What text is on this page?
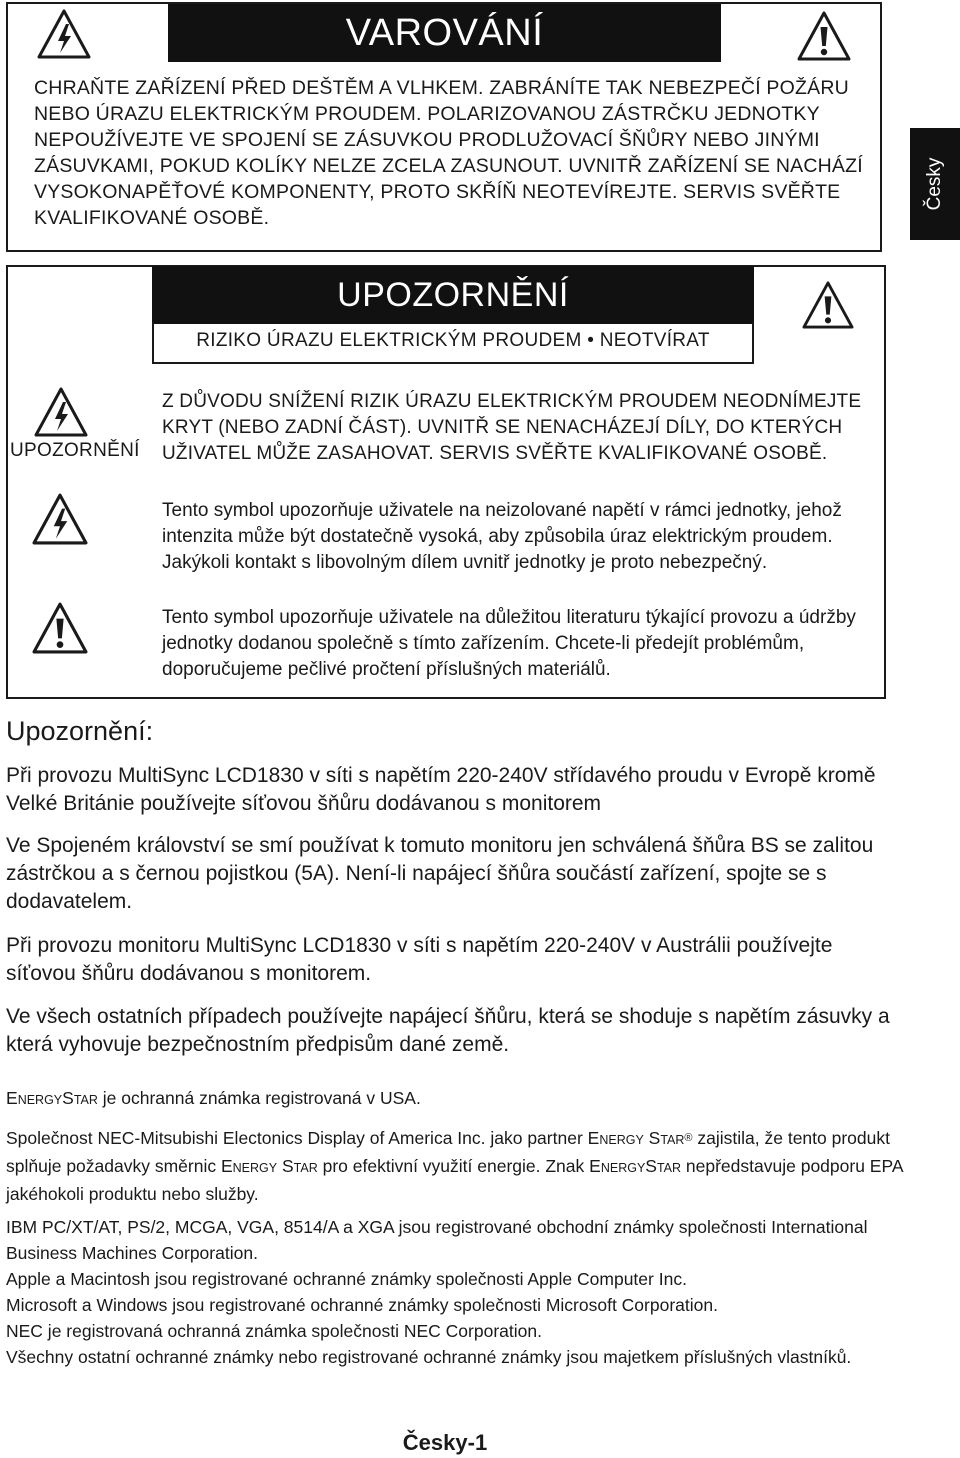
VAROVÁNÍ
CHRAŇTE ZAŘÍZENÍ PŘED DEŠTĚM A VLHKEM. ZABRÁNÍTE TAK NEBEZPEČÍ POŽÁRU NEBO ÚRAZU ELEKTRICKÝM PROUDEM. POLARIZOVANOU ZÁSTRČKU JEDNOTKY NEPOUŽÍVEJTE VE SPOJENÍ SE ZÁSUVKOU PRODLUŽOVACÍ ŠŇŮRY NEBO JINÝMI ZÁSUVKAMI, POKUD KOLÍKY NELZE ZCELA ZASUNOUT. UVNITŘ ZAŘÍZENÍ SE NACHÁZÍ VYSOKONAPĚŤOVÉ KOMPONENTY, PROTO SKŘÍŇ NEOTEVÍREJTE. SERVIS SVĚŘTE KVALIFIKOVANÉ OSOBĚ.
Česky
UPOZORNĚNÍ
RIZIKO ÚRAZU ELEKTRICKÝM PROUDEM • NEOTVÍRAT
UPOZORNĚNÍ
Z DŮVODU SNÍŽENÍ RIZIK ÚRAZU ELEKTRICKÝM PROUDEM NEODNÍMEJTE KRYT (NEBO ZADNÍ ČÁST). UVNITŘ SE NENACHÁZEJÍ DÍLY, DO KTERÝCH UŽIVATEL MŮŽE ZASAHOVAT. SERVIS SVĚŘTE KVALIFIKOVANÉ OSOBĚ.
Tento symbol upozorňuje uživatele na neizolované napětí v rámci jednotky, jehož intenzita může být dostatečně vysoká, aby způsobila úraz elektrickým proudem. Jakýkoli kontakt s libovolným dílem uvnitř jednotky je proto nebezpečný.
Tento symbol upozorňuje uživatele na důležitou literaturu týkající provozu a údržby jednotky dodanou společně s tímto zařízením. Chcete-li předejít problémům, doporučujeme pečlivé pročtení příslušných materiálů.
Upozornění:
Při provozu MultiSync LCD1830 v síti s napětím 220-240V střídavého proudu v Evropě kromě Velké Británie používejte síťovou šňůru dodávanou s monitorem
Ve Spojeném království se smí používat k tomuto monitoru jen schválená šňůra BS se zalitou zástrčkou a s černou pojistkou (5A). Není-li napájecí šňůra součástí zařízení, spojte se s dodavatelem.
Při provozu monitoru MultiSync LCD1830 v síti s napětím 220-240V v Austrálii používejte síťovou šňůru dodávanou s monitorem.
Ve všech ostatních případech používejte napájecí šňůru, která se shoduje s napětím zásuvky a která vyhovuje bezpečnostním předpisům dané země.
ENERGYSTAR je ochranná známka registrovaná v USA.
Společnost NEC-Mitsubishi Electonics Display of America Inc. jako partner ENERGY STAR® zajistila, že tento produkt splňuje požadavky směrnic ENERGY STAR pro efektivní využití energie. Znak ENERGYSTAR nepředstavuje podporu EPA jakéhokoli produktu nebo služby.
IBM PC/XT/AT, PS/2, MCGA, VGA, 8514/A a XGA jsou registrované obchodní známky společnosti International Business Machines Corporation.
Apple a Macintosh jsou registrované ochranné známky společnosti Apple Computer Inc.
Microsoft a Windows jsou registrované ochranné známky společnosti Microsoft Corporation.
NEC je registrovaná ochranná známka společnosti NEC Corporation.
Všechny ostatní ochranné známky nebo registrované ochranné známky jsou majetkem příslušných vlastníků.
Česky-1
